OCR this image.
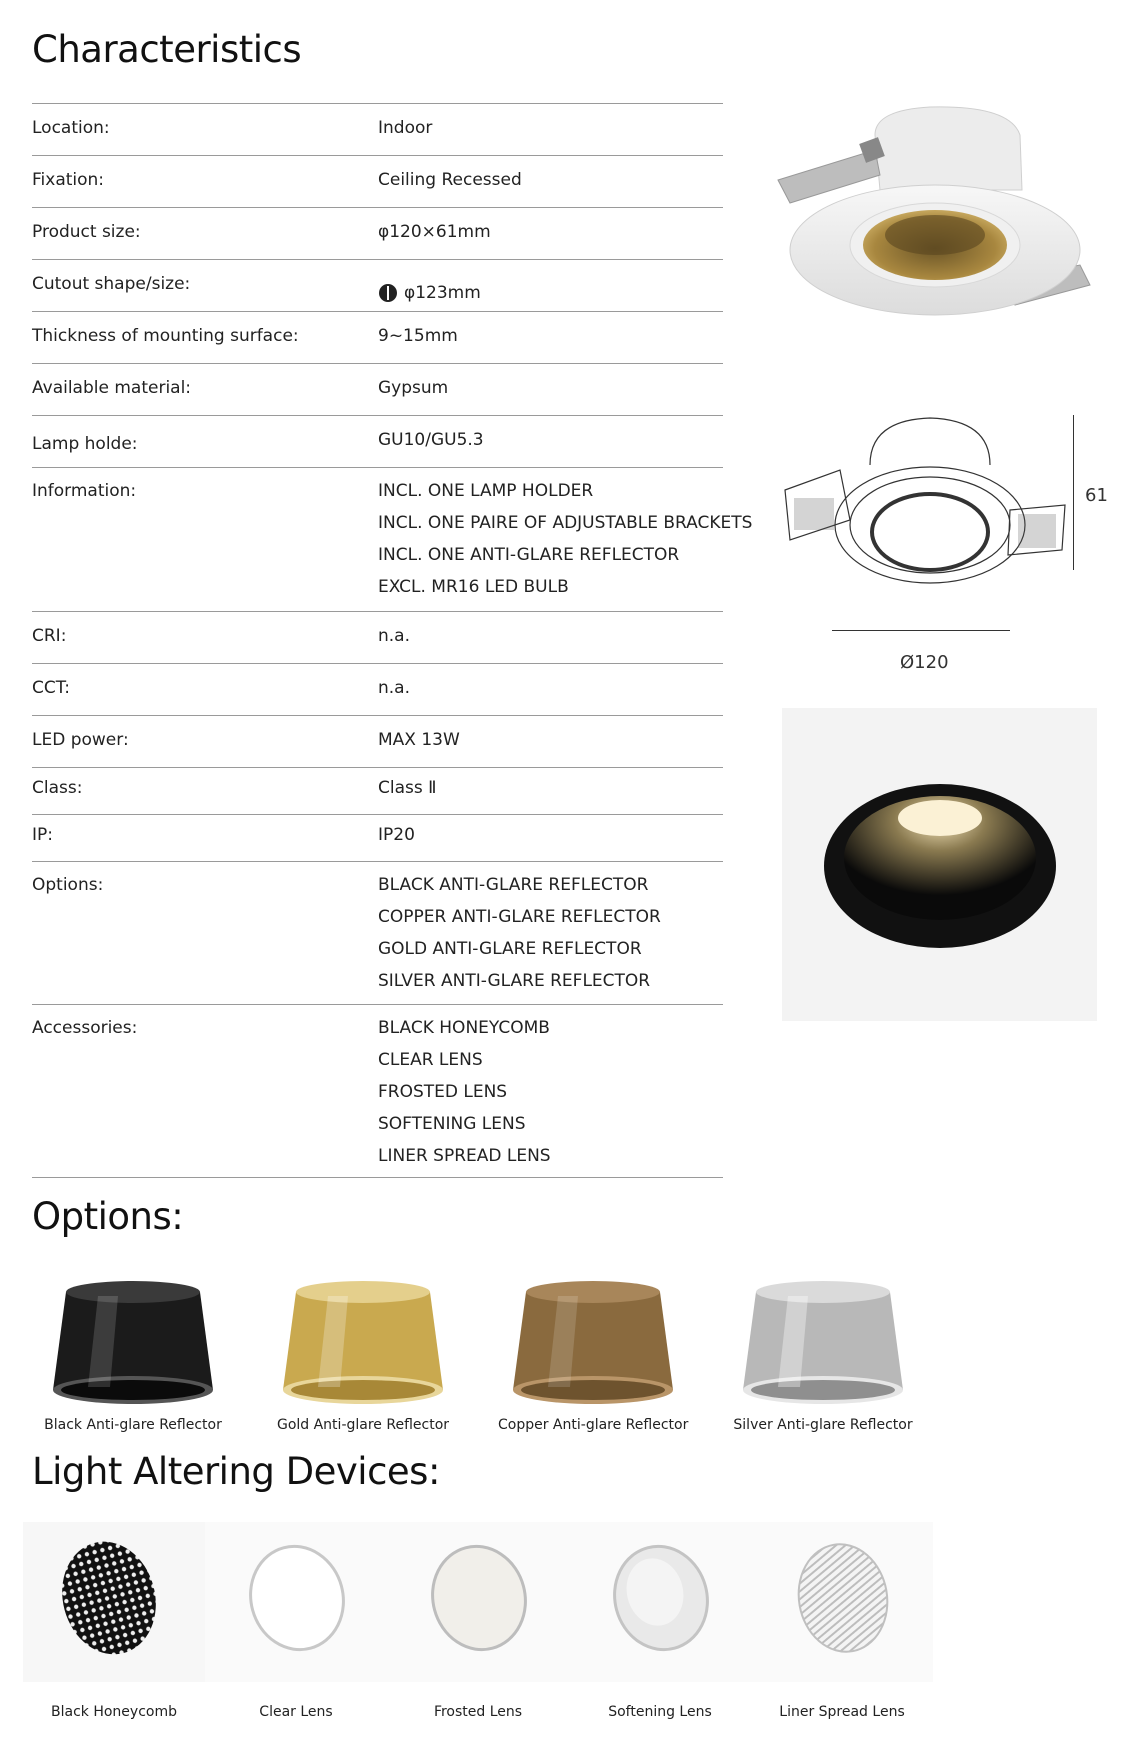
Characteristics
Location:	Indoor
Fixation:	Ceiling Recessed
Product size:	φ120×61mm
Cutout shape/size:	φ123mm
Thickness of mounting surface:	9~15mm
Available material:	Gypsum
Lamp holde:	GU10/GU5.3
Information:	INCL. ONE LAMP HOLDER
INCL. ONE PAIRE OF ADJUSTABLE BRACKETS
INCL. ONE ANTI-GLARE REFLECTOR
EXCL. MR16 LED BULB
CRI:	n.a.
CCT:	n.a.
LED power:	MAX 13W
Class:	Class Ⅱ
IP:	IP20
Options:	BLACK ANTI-GLARE REFLECTOR
COPPER ANTI-GLARE REFLECTOR
GOLD ANTI-GLARE REFLECTOR
SILVER ANTI-GLARE REFLECTOR
Accessories:	BLACK HONEYCOMB
CLEAR LENS
FROSTED LENS
SOFTENING LENS
LINER SPREAD LENS
61
Ø120
Options:
Black Anti-glare Reflector	Gold Anti-glare Reflector	Copper Anti-glare Reflector	Silver Anti-glare Reflector
Light Altering Devices:
Black Honeycomb	Clear Lens	Frosted Lens	Softening Lens	Liner Spread Lens
